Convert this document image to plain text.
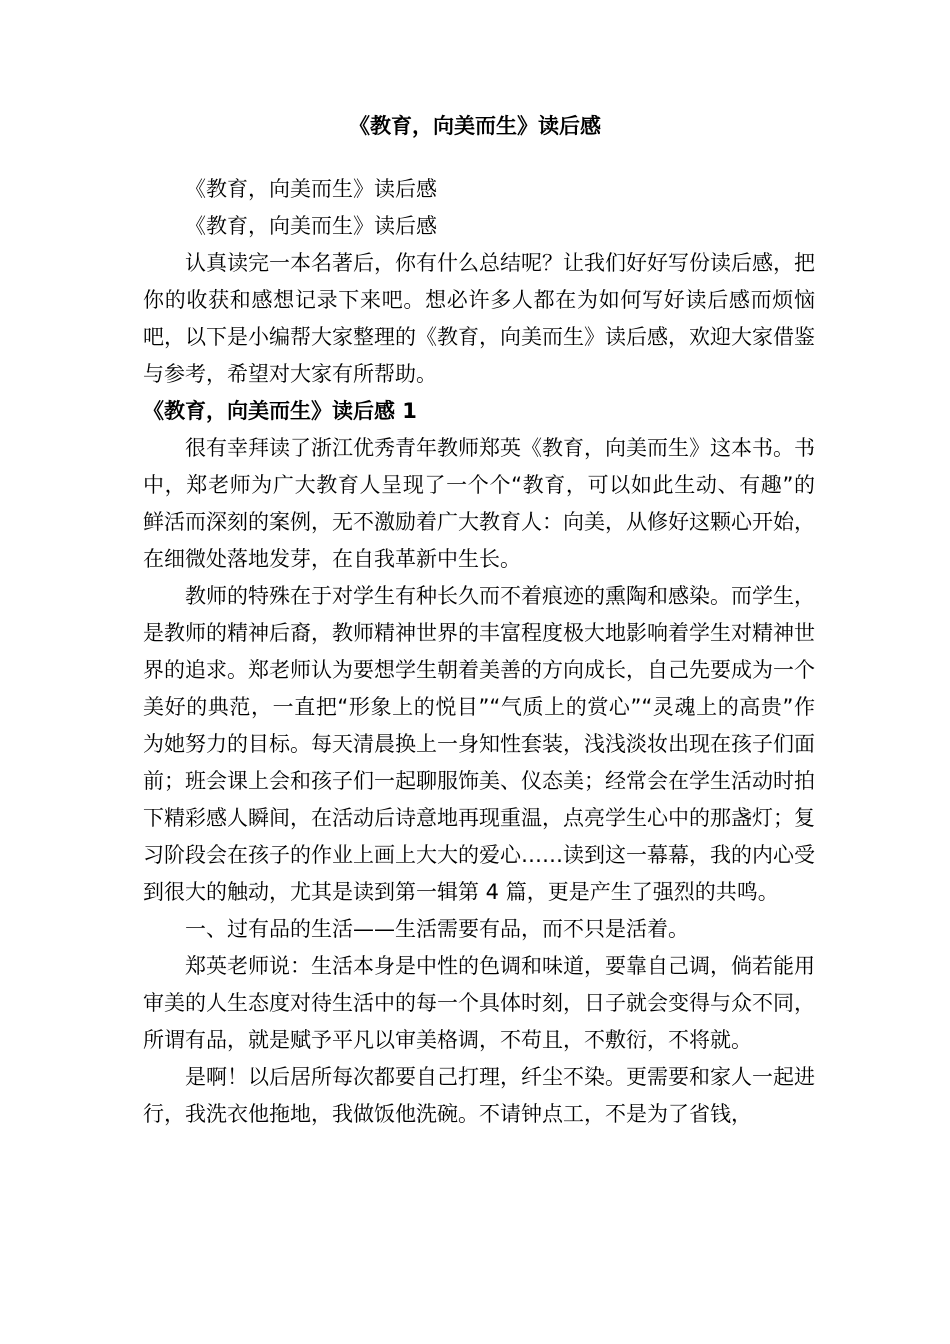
《教育，向美而生》读后感

《教育，向美而生》读后感

《教育，向美而生》读后感

认真读完一本名著后，你有什么总结呢？让我们好好写份读后感，把你的收获和感想记录下来吧。想必许多人都在为如何写好读后感而烦恼吧，以下是小编帮大家整理的《教育，向美而生》读后感，欢迎大家借鉴与参考，希望对大家有所帮助。

《教育，向美而生》读后感 1

很有幸拜读了浙江优秀青年教师郑英《教育，向美而生》这本书。书中，郑老师为广大教育人呈现了一个个“教育，可以如此生动、有趣”的鲜活而深刻的案例，无不激励着广大教育人：向美，从修好这颗心开始，在细微处落地发芽，在自我革新中生长。

教师的特殊在于对学生有种长久而不着痕迹的熏陶和感染。而学生，是教师的精神后裔，教师精神世界的丰富程度极大地影响着学生对精神世界的追求。郑老师认为要想学生朝着美善的方向成长，自己先要成为一个美好的典范，一直把“形象上的悦目”“气质上的赏心”“灵魂上的高贵”作为她努力的目标。每天清晨换上一身知性套装，浅浅淡妆出现在孩子们面前；班会课上会和孩子们一起聊服饰美、仪态美；经常会在学生活动时拍下精彩感人瞬间，在活动后诗意地再现重温，点亮学生心中的那盏灯；复习阶段会在孩子的作业上画上大大的爱心……读到这一幕幕，我的内心受到很大的触动，尤其是读到第一辑第 4 篇，更是产生了强烈的共鸣。

一、过有品的生活——生活需要有品，而不只是活着。

郑英老师说：生活本身是中性的色调和味道，要靠自己调，倘若能用审美的人生态度对待生活中的每一个具体时刻，日子就会变得与众不同，所谓有品，就是赋予平凡以审美格调，不苟且，不敷衍，不将就。

是啊！以后居所每次都要自己打理，纤尘不染。更需要和家人一起进行，我洗衣他拖地，我做饭他洗碗。不请钟点工，不是为了省钱，
